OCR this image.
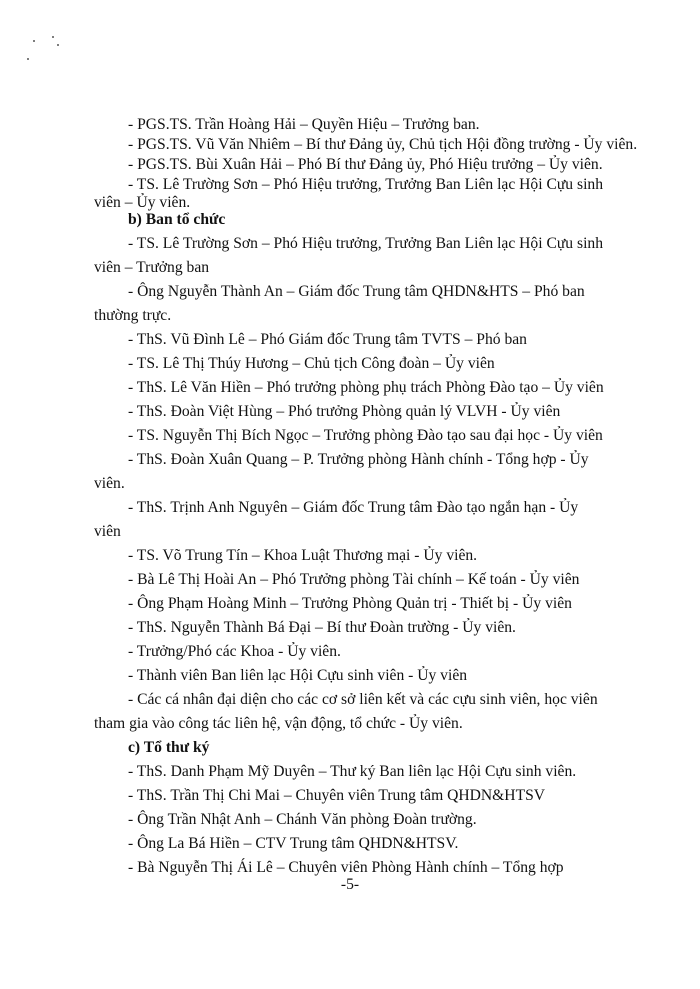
- PGS.TS. Trần Hoàng Hải – Quyền Hiệu – Trưởng ban.

- PGS.TS. Vũ Văn Nhiêm – Bí thư Đảng ủy, Chủ tịch Hội đồng trường - Ủy viên.

- PGS.TS. Bùi Xuân Hải – Phó Bí thư Đảng ủy, Phó Hiệu trưởng – Ủy viên.

- TS. Lê Trường Sơn – Phó Hiệu trưởng, Trưởng Ban Liên lạc Hội Cựu sinh

viên – Ủy viên.

b) Ban tổ chức

- TS. Lê Trường Sơn – Phó Hiệu trưởng, Trưởng Ban Liên lạc Hội Cựu sinh

viên – Trưởng ban

- Ông Nguyễn Thành An – Giám đốc Trung tâm QHDN&HTS – Phó ban

thường trực.

- ThS. Vũ Đình Lê – Phó Giám đốc Trung tâm TVTS – Phó ban

- TS. Lê Thị Thúy Hương – Chủ tịch Công đoàn – Ủy viên

- ThS. Lê Văn Hiền – Phó trưởng phòng phụ trách Phòng Đào tạo – Ủy viên

- ThS. Đoàn Việt Hùng – Phó trưởng Phòng quản lý VLVH - Ủy viên

- TS. Nguyễn Thị Bích Ngọc – Trưởng phòng Đào tạo sau đại học - Ủy viên

- ThS. Đoàn Xuân Quang – P. Trưởng phòng Hành chính - Tổng hợp - Ủy

viên.

- ThS. Trịnh Anh Nguyên – Giám đốc Trung tâm Đào tạo ngắn hạn - Ủy

viên

- TS. Võ Trung Tín – Khoa Luật Thương mại - Ủy viên.

- Bà Lê Thị Hoài An – Phó Trưởng phòng Tài chính – Kế toán - Ủy viên

- Ông Phạm Hoàng Minh – Trưởng Phòng Quản trị - Thiết bị - Ủy viên

- ThS. Nguyễn Thành Bá Đại – Bí thư Đoàn trường - Ủy viên.

- Trưởng/Phó các Khoa - Ủy viên.

- Thành viên Ban liên lạc Hội Cựu sinh viên - Ủy viên

- Các cá nhân đại diện cho các cơ sở liên kết và các cựu sinh viên, học viên

tham gia vào công tác liên hệ, vận động, tổ chức - Ủy viên.

c) Tổ thư ký

- ThS. Danh Phạm Mỹ Duyên – Thư ký Ban liên lạc Hội Cựu sinh viên.

- ThS. Trần Thị Chi Mai – Chuyên viên Trung tâm QHDN&HTSV

- Ông Trần Nhật Anh – Chánh Văn phòng Đoàn trường.

- Ông La Bá Hiền – CTV Trung tâm QHDN&HTSV.

- Bà Nguyễn Thị Ái Lê – Chuyên viên Phòng Hành chính – Tổng hợp

-5-
